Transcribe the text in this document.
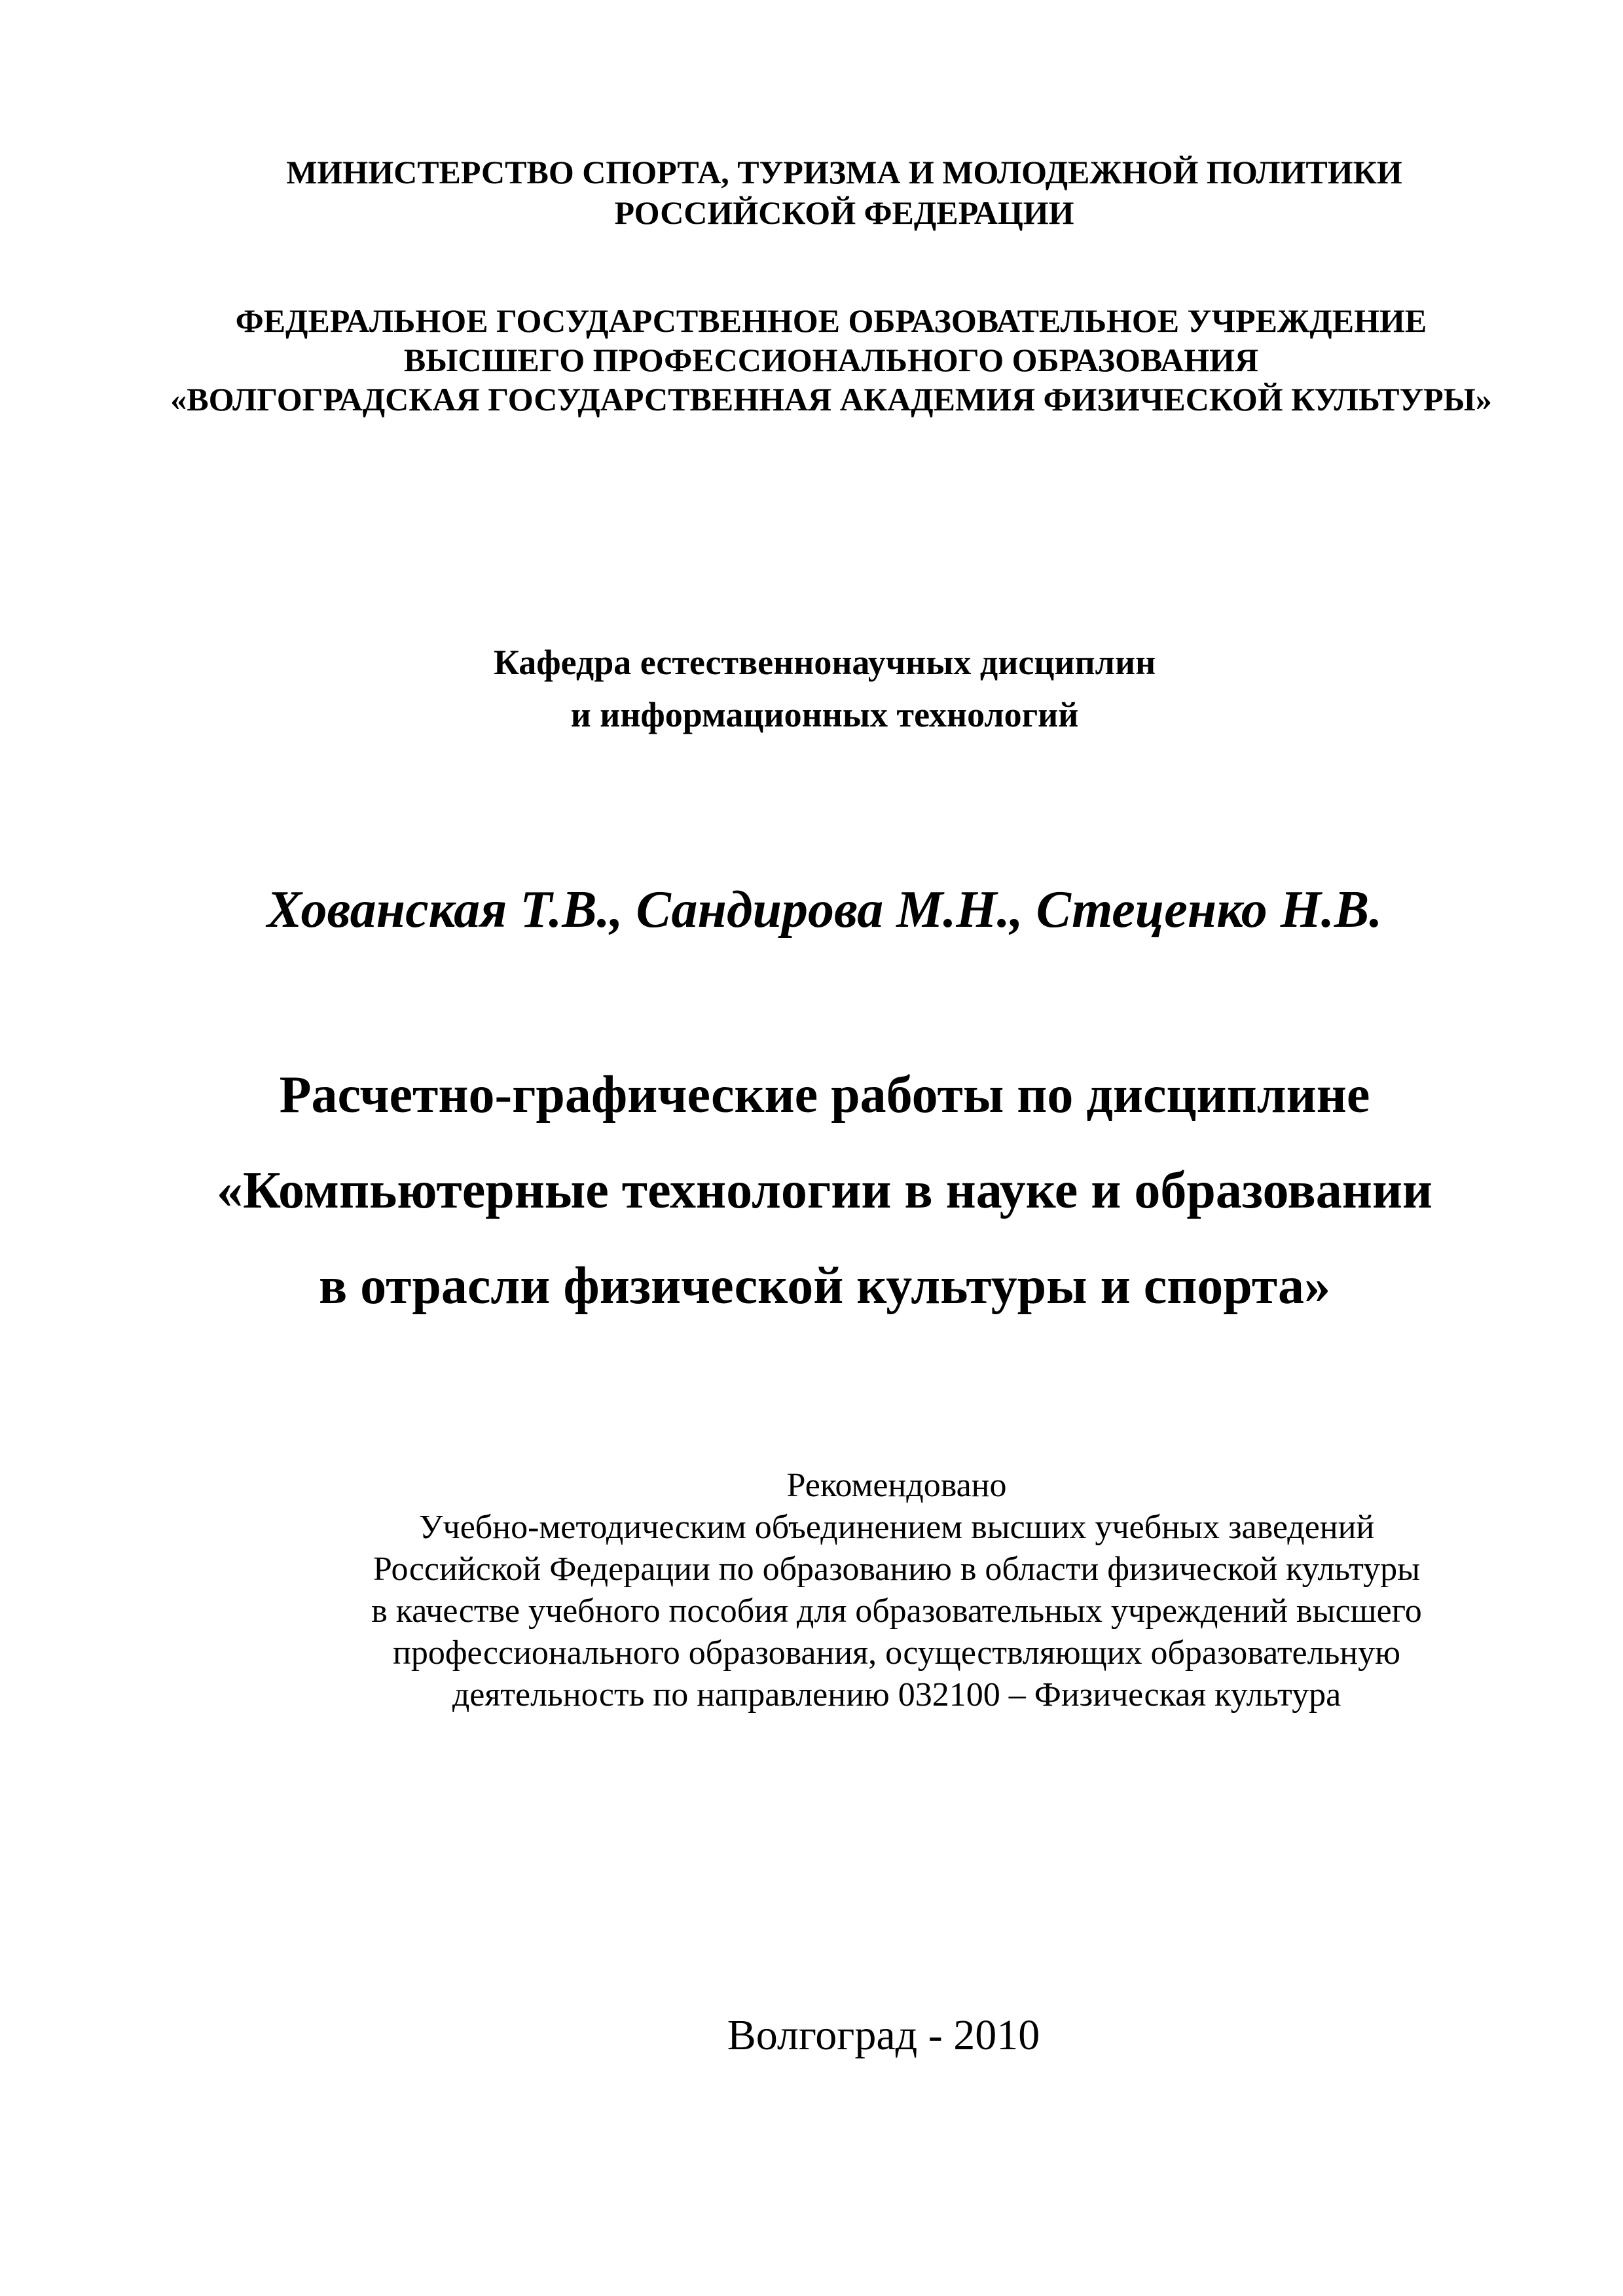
МИНИСТЕРСТВО СПОРТА, ТУРИЗМА И МОЛОДЕЖНОЙ ПОЛИТИКИ
РОССИЙСКОЙ ФЕДЕРАЦИИ
ФЕДЕРАЛЬНОЕ ГОСУДАРСТВЕННОЕ ОБРАЗОВАТЕЛЬНОЕ УЧРЕЖДЕНИЕ
ВЫСШЕГО ПРОФЕССИОНАЛЬНОГО ОБРАЗОВАНИЯ
«ВОЛГОГРАДСКАЯ ГОСУДАРСТВЕННАЯ АКАДЕМИЯ ФИЗИЧЕСКОЙ КУЛЬТУРЫ»
Кафедра естественнонаучных дисциплин
и информационных технологий
Хованская Т.В., Сандирова М.Н., Стеценко Н.В.
Расчетно-графические работы по дисциплине
«Компьютерные технологии в науке и образовании
в отрасли физической культуры и спорта»
Рекомендовано
Учебно-методическим объединением высших учебных заведений
Российской Федерации по образованию в области физической культуры
в качестве учебного пособия для образовательных учреждений высшего
профессионального образования, осуществляющих образовательную
деятельность по направлению 032100 – Физическая культура
Волгоград - 2010
